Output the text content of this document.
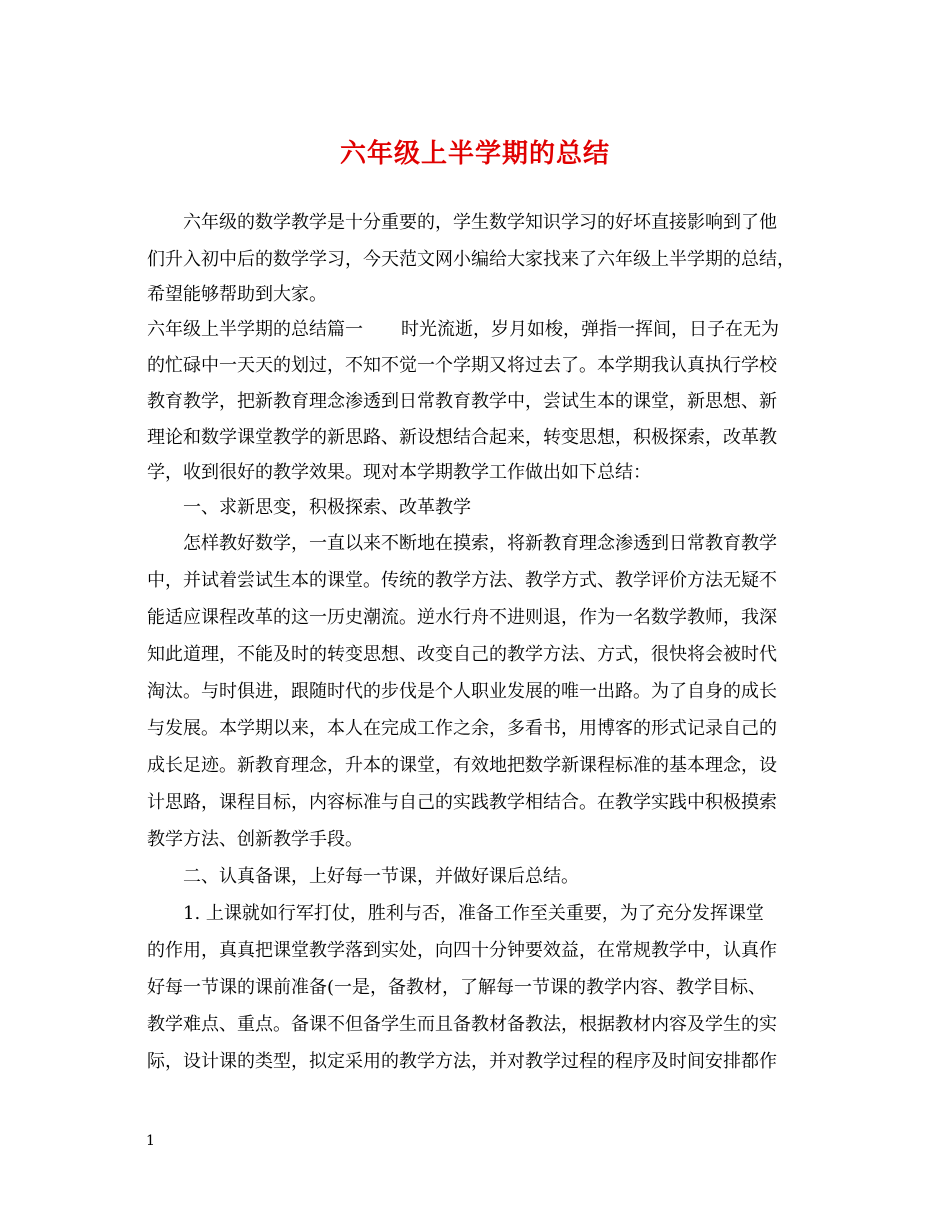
六年级上半学期的总结
六年级的数学教学是十分重要的，学生数学知识学习的好坏直接影响到了他
们升入初中后的数学学习，今天范文网小编给大家找来了六年级上半学期的总结，
希望能够帮助到大家。
六年级上半学期的总结篇一 时光流逝，岁月如梭，弹指一挥间，日子在无为
的忙碌中一天天的划过，不知不觉一个学期又将过去了。本学期我认真执行学校
教育教学，把新教育理念渗透到日常教育教学中，尝试生本的课堂，新思想、新
理论和数学课堂教学的新思路、新设想结合起来，转变思想，积极探索，改革教
学，收到很好的教学效果。现对本学期教学工作做出如下总结：
一、求新思变，积极探索、改革教学
怎样教好数学，一直以来不断地在摸索，将新教育理念渗透到日常教育教学
中，并试着尝试生本的课堂。传统的教学方法、教学方式、教学评价方法无疑不
能适应课程改革的这一历史潮流。逆水行舟不进则退，作为一名数学教师，我深
知此道理，不能及时的转变思想、改变自己的教学方法、方式，很快将会被时代
淘汰。与时俱进，跟随时代的步伐是个人职业发展的唯一出路。为了自身的成长
与发展。本学期以来，本人在完成工作之余，多看书，用博客的形式记录自己的
成长足迹。新教育理念，升本的课堂，有效地把数学新课程标准的基本理念，设
计思路，课程目标，内容标准与自己的实践教学相结合。在教学实践中积极摸索
教学方法、创新教学手段。
二、认真备课，上好每一节课，并做好课后总结。
1. 上课就如行军打仗，胜利与否，准备工作至关重要，为了充分发挥课堂
的作用，真真把课堂教学落到实处，向四十分钟要效益，在常规教学中，认真作
好每一节课的课前准备(一是，备教材，了解每一节课的教学内容、教学目标、
教学难点、重点。备课不但备学生而且备教材备教法，根据教材内容及学生的实
际，设计课的类型，拟定采用的教学方法，并对教学过程的程序及时间安排都作
1
